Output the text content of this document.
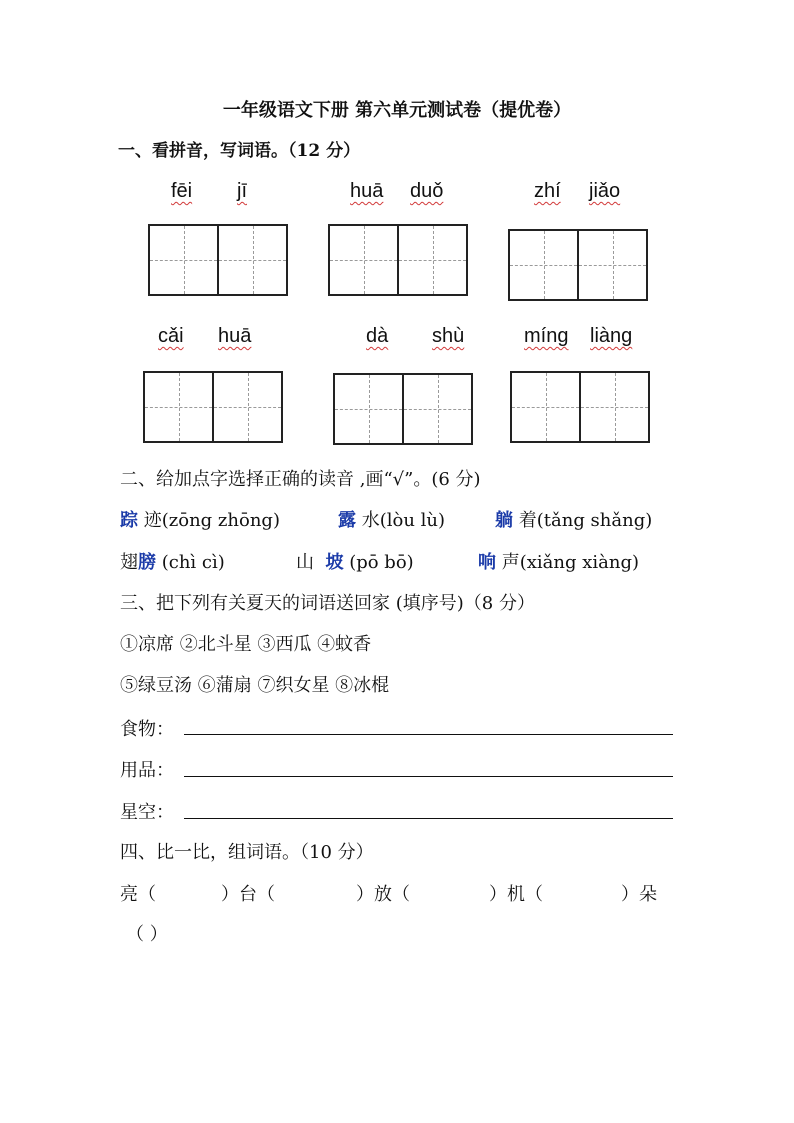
一年级语文下册 第六单元测试卷（提优卷）
一、看拼音，写词语。（12 分）
fēi jī	huā duǒ	zhí jiǎo
cǎi huā	dà shù	míng liàng
二、给加点字选择正确的读音 ,画“√”。(6 分)
踪 迹(zōng zhōng)	露 水(lòu lù)	躺 着(tǎng shǎng)
翅膀 (chì cì)	山 坡 (pō bō)	响 声(xiǎng xiàng)
三、把下列有关夏天的词语送回家 (填序号)（8 分）
①凉席 ②北斗星 ③西瓜 ④蚊香
⑤绿豆汤 ⑥蒲扇 ⑦织女星 ⑧冰棍
食物：
用品：
星空：
四、比一比，组词语。（10 分）
亮（	）台（	）放（	）机（	）朵
（ ）
